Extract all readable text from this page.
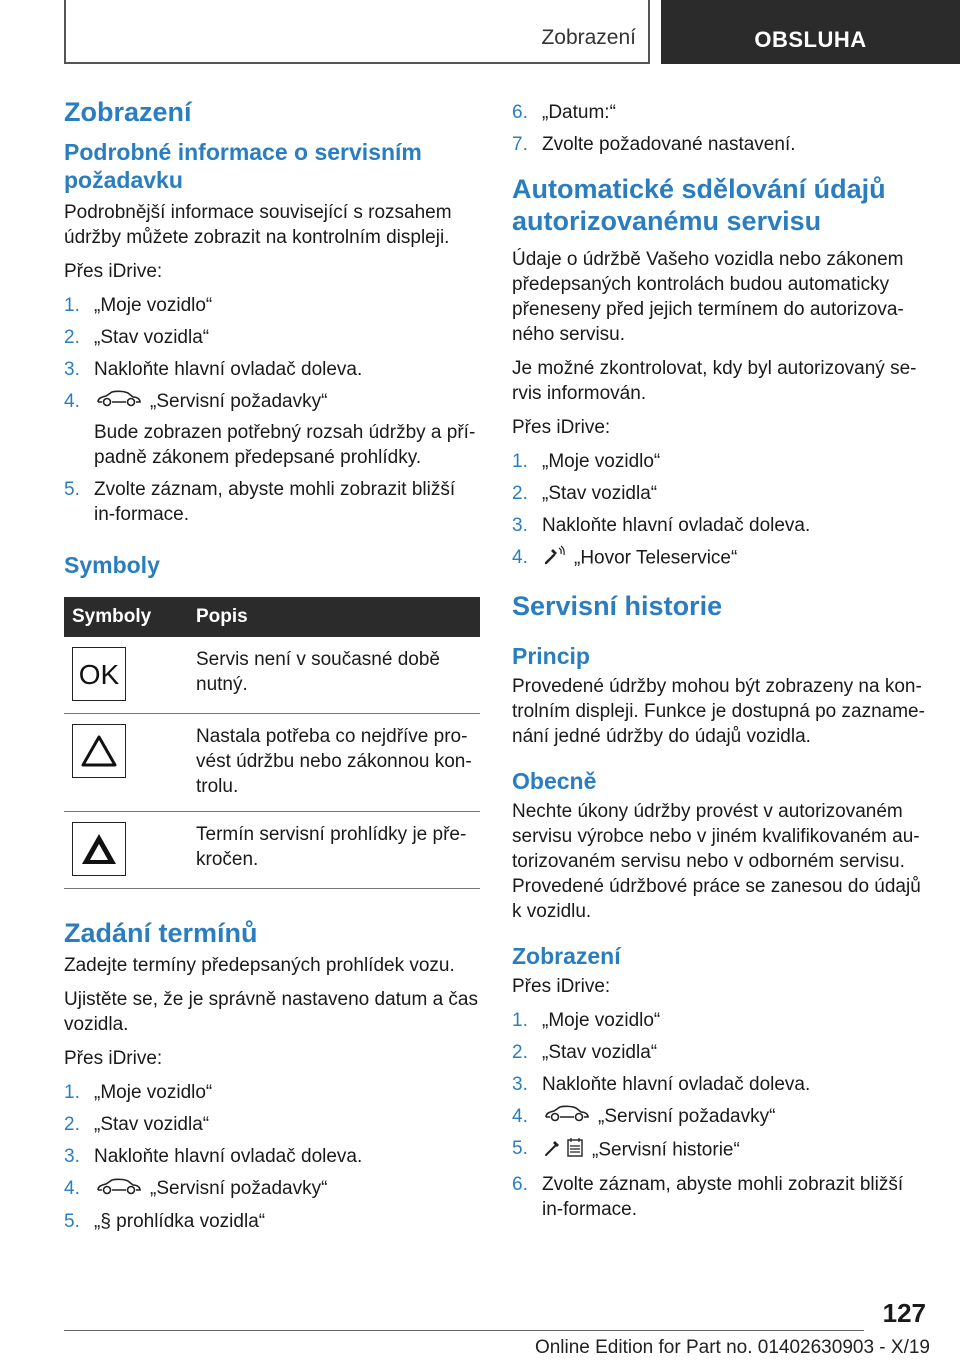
Zobrazení	OBSLUHA
Zobrazení
Podrobné informace o servisním požadavku

Podrobnější informace související s rozsahem údržby můžete zobrazit na kontrolním displeji.

Přes iDrive:

1. „Moje vozidlo“
2. „Stav vozidla“
3. Nakloňte hlavní ovladač doleva.
4.	„Servisní požadavky“
Bude zobrazen potřebný rozsah údržby a pří-padně zákonem předepsané prohlídky.
5. Zvolte záznam, abyste mohli zobrazit bližší in-formace.
Symboly
Symboly	Popis

OK	Servis není v současné době nutný.

	Nastala potřeba co nejdříve pro-vést údržbu nebo zákonnou kon-trolu.

	Termín servisní prohlídky je pře-kročen.
Zadání termínů

Zadejte termíny předepsaných prohlídek vozu.

Ujistěte se, že je správně nastaveno datum a čas vozidla.

Přes iDrive:

1. „Moje vozidlo“
2. „Stav vozidla“
3. Nakloňte hlavní ovladač doleva.
4.	„Servisní požadavky“
5. „§ prohlídka vozidla“
6. „Datum:“
7. Zvolte požadované nastavení.
Automatické sdělování údajů autorizovanému servisu

Údaje o údržbě Vašeho vozidla nebo zákonem předepsaných kontrolách budou automaticky přeneseny před jejich termínem do autorizova-ného servisu.

Je možné zkontrolovat, kdy byl autorizovaný se-rvis informován.

Přes iDrive:

1. „Moje vozidlo“
2. „Stav vozidla“
3. Nakloňte hlavní ovladač doleva.
4. „Hovor Teleservice“
Servisní historie
Princip

Provedené údržby mohou být zobrazeny na kon-trolním displeji. Funkce je dostupná po zazname-nání jedné údržby do údajů vozidla.

Obecně

Nechte úkony údržby provést v autorizovaném servisu výrobce nebo v jiném kvalifikovaném au-torizovaném servisu nebo v odborném servisu. Provedené údržbové práce se zanesou do údajů k vozidlu.

Zobrazení

Přes iDrive:

1. „Moje vozidlo“
2. „Stav vozidla“
3. Nakloňte hlavní ovladač doleva.
4.	„Servisní požadavky“
5.	„Servisní historie“
6. Zvolte záznam, abyste mohli zobrazit bližší in-formace.
127
Online Edition for Part no. 01402630903 - X/19
